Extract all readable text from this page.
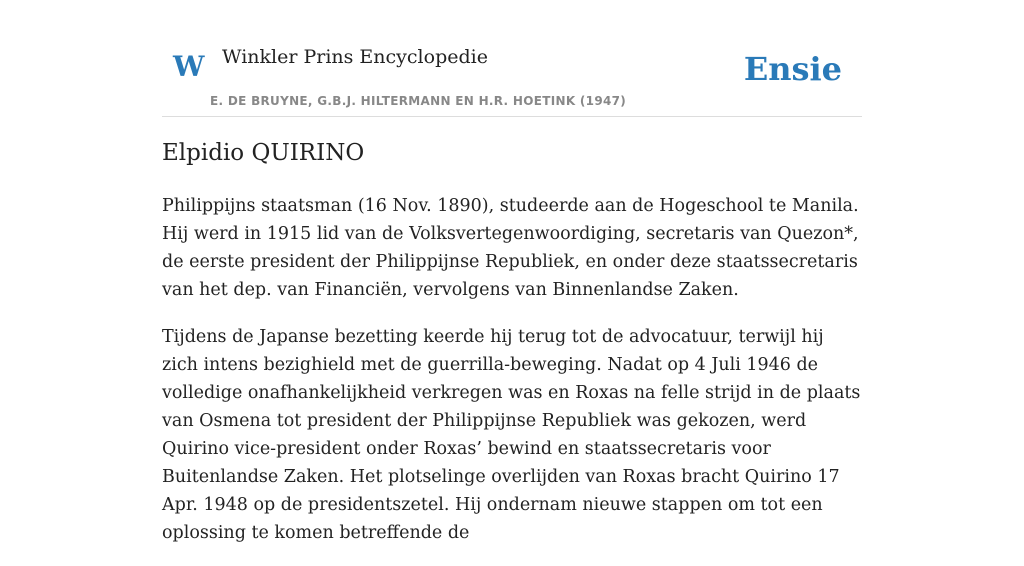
W Winkler Prins Encyclopedie
E. DE BRUYNE, G.B.J. HILTERMANN EN H.R. HOETINK (1947)
Ensie
Elpidio QUIRINO

Philippijns staatsman (16 Nov. 1890), studeerde aan de Hogeschool te Manila. Hij werd in 1915 lid van de Volksvertegenwoordiging, secretaris van Quezon*, de eerste president der Philippijnse Republiek, en onder deze staatssecretaris van het dep. van Financiën, vervolgens van Binnenlandse Zaken.

Tijdens de Japanse bezetting keerde hij terug tot de advocatuur, terwijl hij zich intens bezighield met de guerrilla-beweging. Nadat op 4 Juli 1946 de volledige onafhankelijkheid verkregen was en Roxas na felle strijd in de plaats van Osmena tot president der Philippijnse Republiek was gekozen, werd Quirino vice-president onder Roxas’ bewind en staatssecretaris voor Buitenlandse Zaken. Het plotselinge overlijden van Roxas bracht Quirino 17 Apr. 1948 op de presidentszetel. Hij ondernam nieuwe stappen om tot een oplossing te komen betreffende de
